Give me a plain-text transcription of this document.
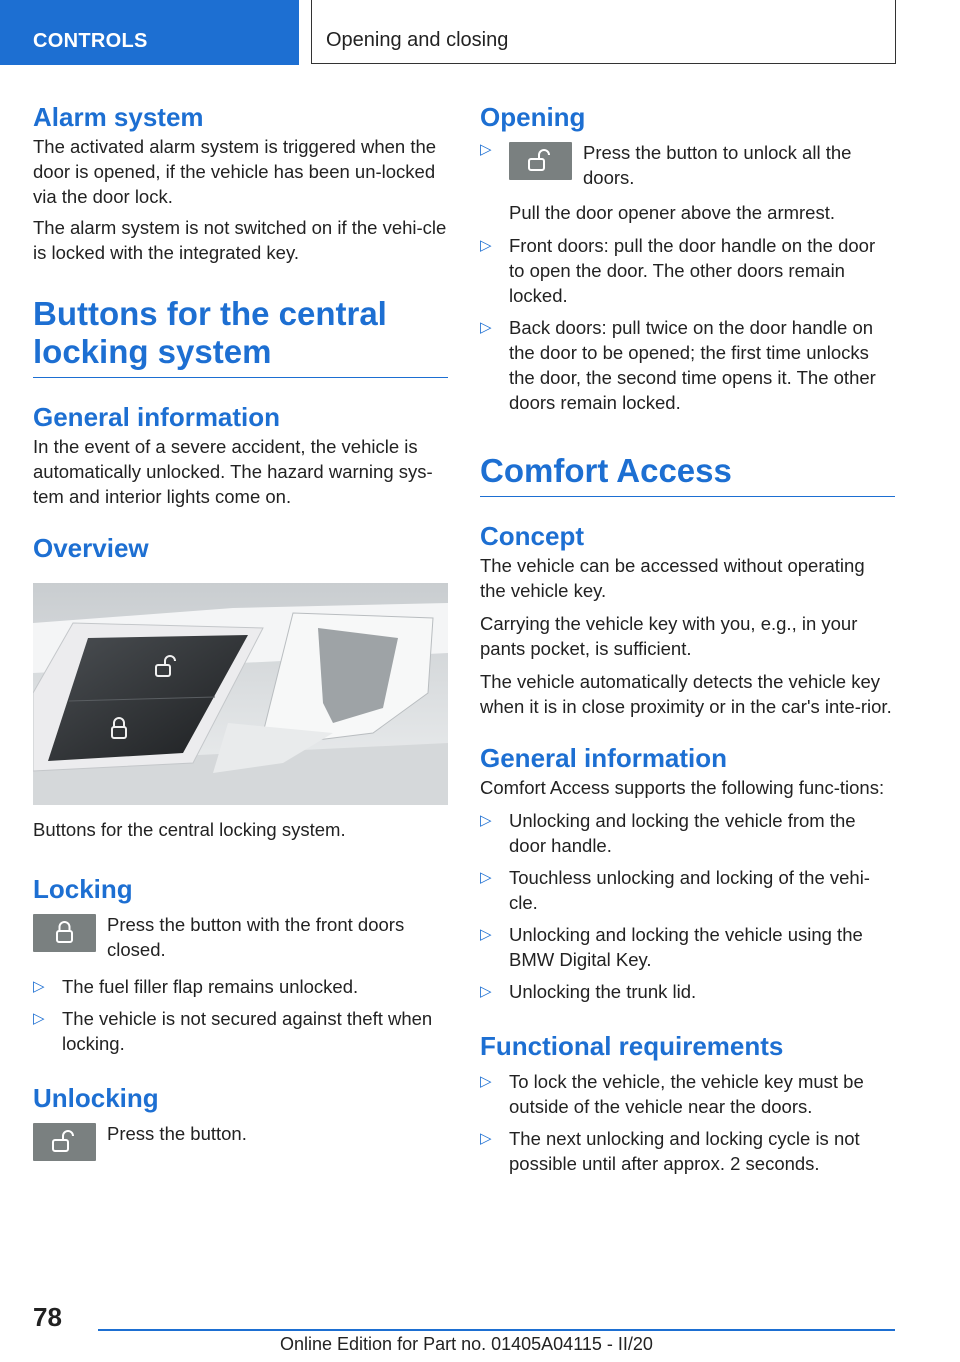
CONTROLS	Opening and closing
Alarm system

The activated alarm system is triggered when the door is opened, if the vehicle has been un‐locked via the door lock.

The alarm system is not switched on if the vehi‐cle is locked with the integrated key.

Buttons for the central locking system
General information

In the event of a severe accident, the vehicle is automatically unlocked. The hazard warning sys‐tem and interior lights come on.

Overview

Buttons for the central locking system.

Locking

Press the button with the front doors closed.

▷ The fuel filler flap remains unlocked.
▷ The vehicle is not secured against theft when locking.
Unlocking

Press the button.

Opening
▷	Press the button to unlock all the doors.

Pull the door opener above the armrest.

▷ Front doors: pull the door handle on the door to open the door. The other doors remain locked.
▷ Back doors: pull twice on the door handle on the door to be opened; the first time unlocks the door, the second time opens it. The other doors remain locked.
Comfort Access
Concept

The vehicle can be accessed without operating the vehicle key.

Carrying the vehicle key with you, e.g., in your pants pocket, is sufficient.

The vehicle automatically detects the vehicle key when it is in close proximity or in the car's inte‐rior.

General information

Comfort Access supports the following func‐tions:

▷ Unlocking and locking the vehicle from the door handle.
▷ Touchless unlocking and locking of the vehi‐cle.
▷ Unlocking and locking the vehicle using the BMW Digital Key.
▷ Unlocking the trunk lid.
Functional requirements
▷ To lock the vehicle, the vehicle key must be outside of the vehicle near the doors.
▷ The next unlocking and locking cycle is not possible until after approx. 2 seconds.
78
Online Edition for Part no. 01405A04115 - II/20
